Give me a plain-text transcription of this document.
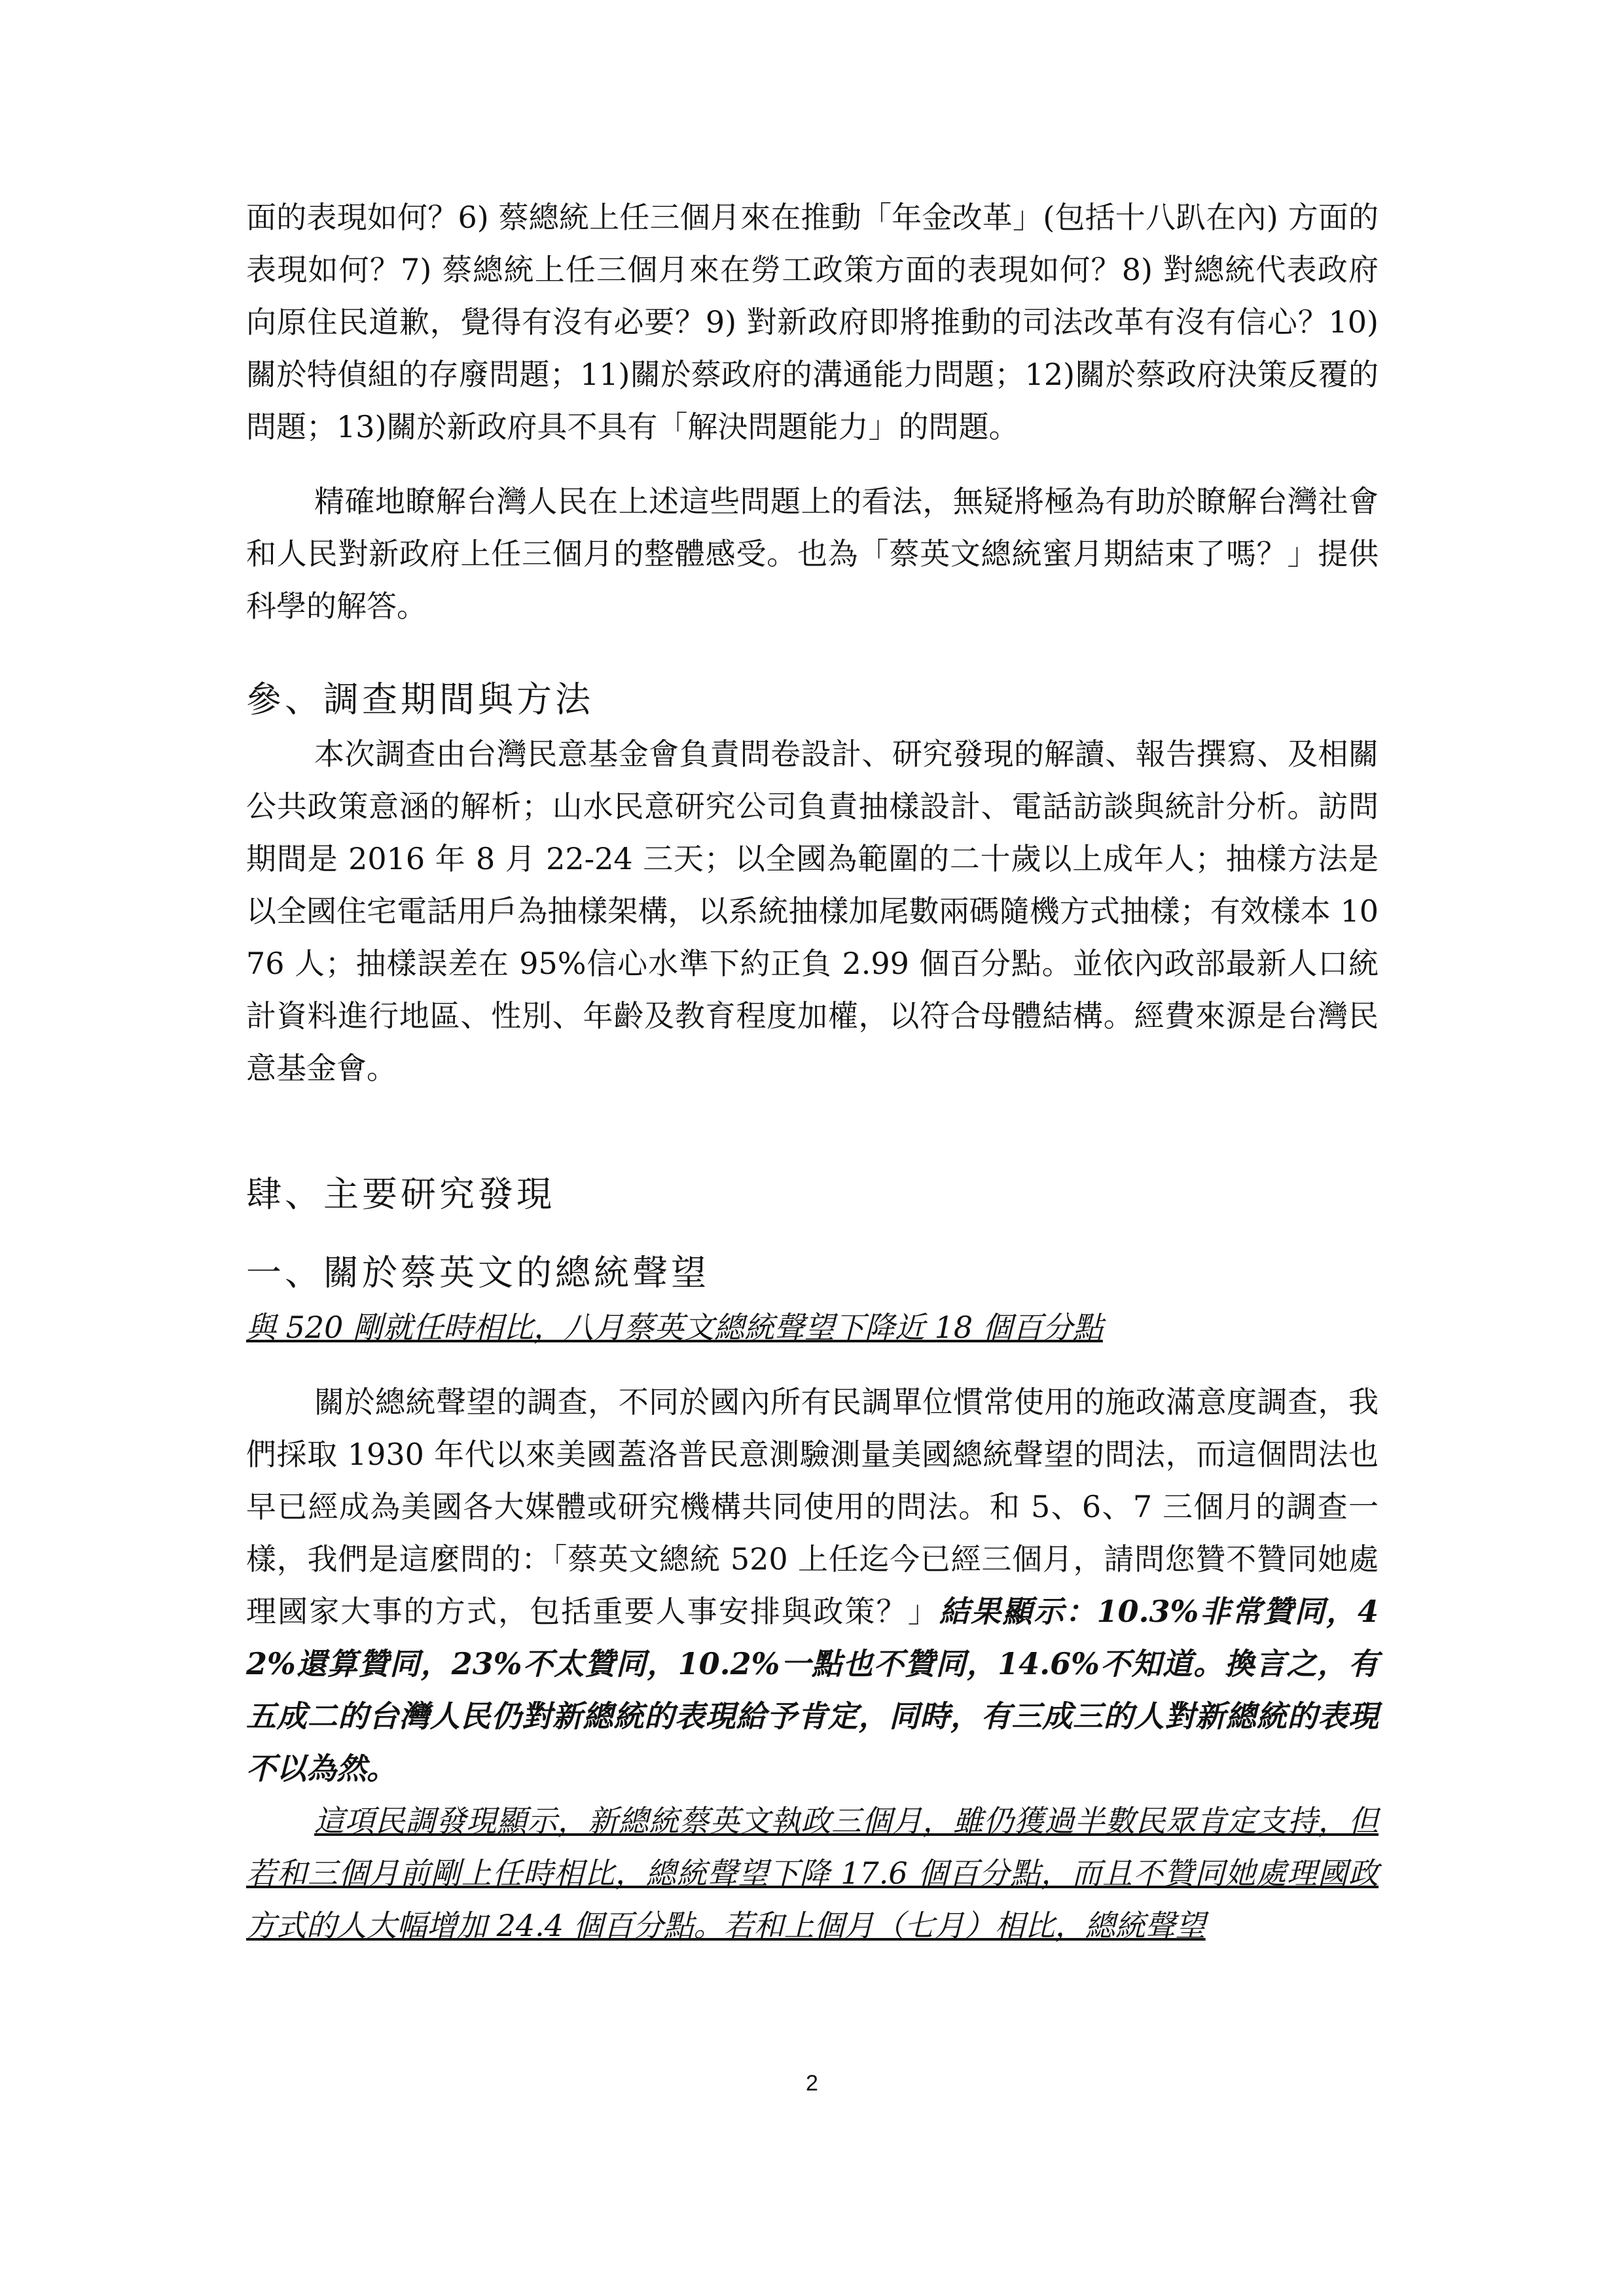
面的表現如何？6) 蔡總統上任三個月來在推動「年金改革」(包括十八趴在內) 方面的表現如何？7) 蔡總統上任三個月來在勞工政策方面的表現如何？8) 對總統代表政府向原住民道歉，覺得有沒有必要？9) 對新政府即將推動的司法改革有沒有信心？10)關於特偵組的存廢問題；11)關於蔡政府的溝通能力問題；12)關於蔡政府決策反覆的問題；13)關於新政府具不具有「解決問題能力」的問題。

精確地瞭解台灣人民在上述這些問題上的看法，無疑將極為有助於瞭解台灣社會和人民對新政府上任三個月的整體感受。也為「蔡英文總統蜜月期結束了嗎？」提供科學的解答。

參、調查期間與方法

本次調查由台灣民意基金會負責問卷設計、研究發現的解讀、報告撰寫、及相關公共政策意涵的解析；山水民意研究公司負責抽樣設計、電話訪談與統計分析。訪問期間是 2016 年 8 月 22-24 三天；以全國為範圍的二十歲以上成年人；抽樣方法是以全國住宅電話用戶為抽樣架構，以系統抽樣加尾數兩碼隨機方式抽樣；有效樣本 1076 人；抽樣誤差在 95%信心水準下約正負 2.99 個百分點。並依內政部最新人口統計資料進行地區、性別、年齡及教育程度加權，以符合母體結構。經費來源是台灣民意基金會。

肆、主要研究發現
一、關於蔡英文的總統聲望

與 520 剛就任時相比，八月蔡英文總統聲望下降近 18 個百分點

關於總統聲望的調查，不同於國內所有民調單位慣常使用的施政滿意度調查，我們採取 1930 年代以來美國蓋洛普民意測驗測量美國總統聲望的問法，而這個問法也早已經成為美國各大媒體或研究機構共同使用的問法。和 5、6、7 三個月的調查一樣，我們是這麼問的：「蔡英文總統 520 上任迄今已經三個月，請問您贊不贊同她處理國家大事的方式，包括重要人事安排與政策？」結果顯示：10.3%非常贊同，42%還算贊同，23%不太贊同，10.2%一點也不贊同，14.6%不知道。換言之，有五成二的台灣人民仍對新總統的表現給予肯定，同時，有三成三的人對新總統的表現不以為然。

這項民調發現顯示，新總統蔡英文執政三個月，雖仍獲過半數民眾肯定支持，但若和三個月前剛上任時相比，總統聲望下降 17.6 個百分點，而且不贊同她處理國政方式的人大幅增加 24.4 個百分點。若和上個月（七月）相比，總統聲望

2
